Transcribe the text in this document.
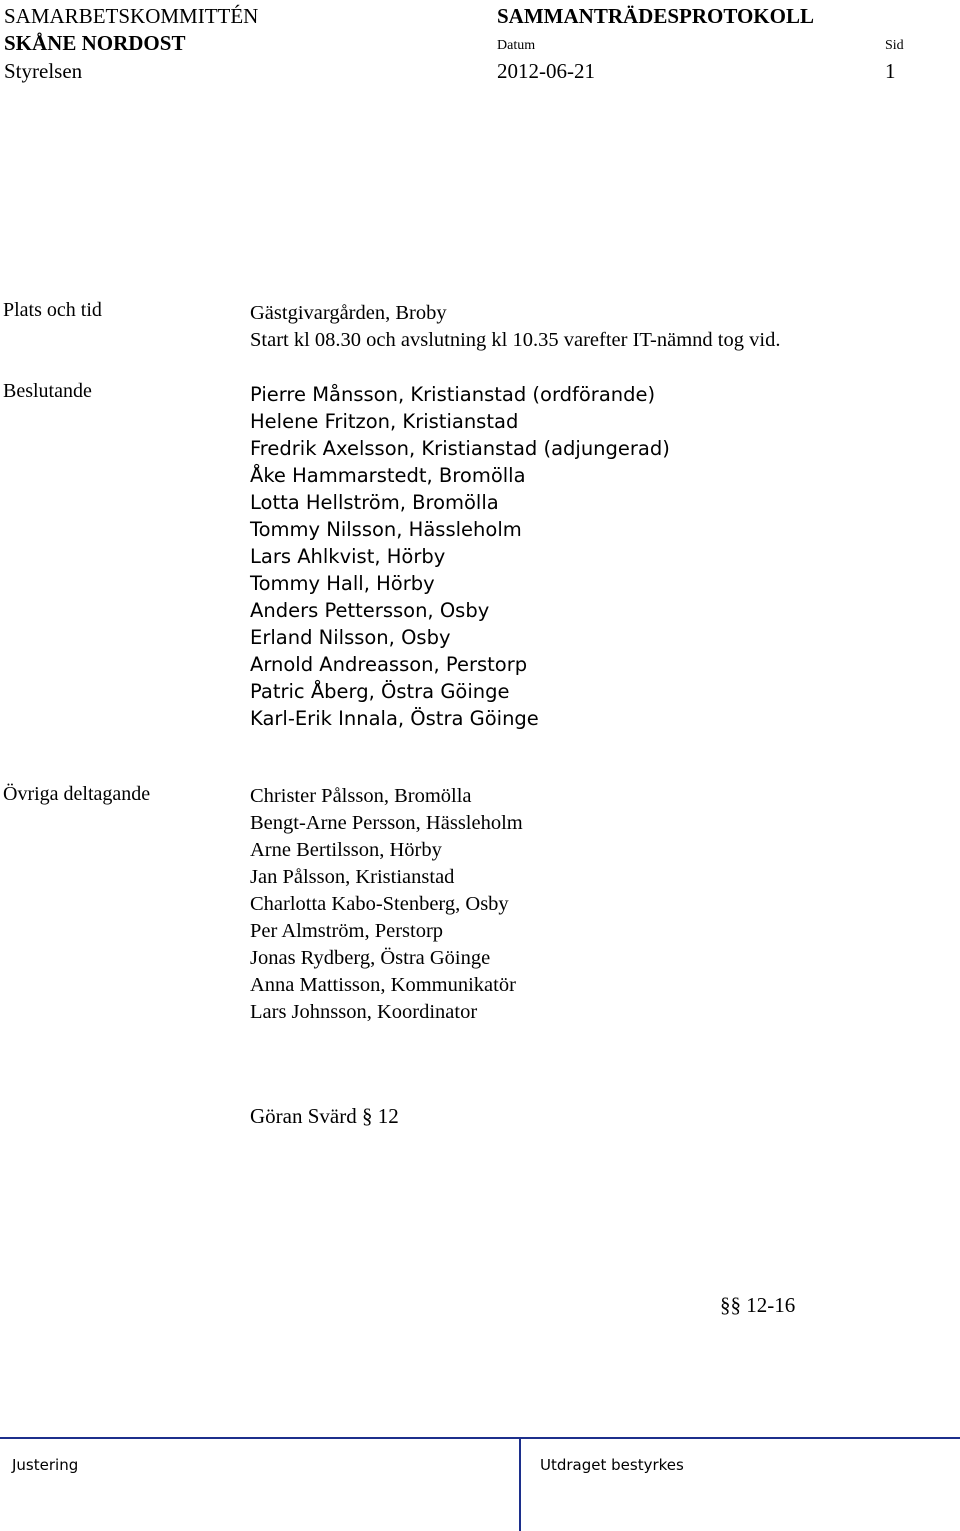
SAMARBETSKOMMITTÉN
SKÅNE NORDOST
Styrelsen
SAMMANTRÄDESPROTOKOLL
Datum	Sid
2012-06-21	1
Plats och tid	Gästgivargården, Broby
Start kl 08.30 och avslutning kl 10.35 varefter IT-nämnd tog vid.
Beslutande	Pierre Månsson, Kristianstad (ordförande)
Helene Fritzon, Kristianstad
Fredrik Axelsson, Kristianstad (adjungerad)
Åke Hammarstedt, Bromölla
Lotta Hellström, Bromölla
Tommy Nilsson, Hässleholm
Lars Ahlkvist, Hörby
Tommy Hall, Hörby
Anders Pettersson, Osby
Erland Nilsson, Osby
Arnold Andreasson, Perstorp
Patric Åberg, Östra Göinge
Karl-Erik Innala, Östra Göinge
Övriga deltagande	Christer Pålsson, Bromölla
Bengt-Arne Persson, Hässleholm
Arne Bertilsson, Hörby
Jan Pålsson, Kristianstad
Charlotta Kabo-Stenberg, Osby
Per Almström, Perstorp
Jonas Rydberg, Östra Göinge
Anna Mattisson, Kommunikatör
Lars Johnsson, Koordinator
Göran Svärd § 12
§§ 12-16
Justering	Utdraget bestyrkes
